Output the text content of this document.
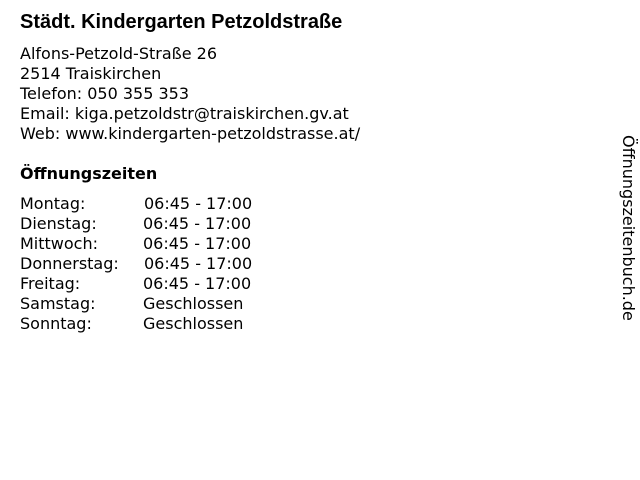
Städt. Kindergarten Petzoldstraße
Alfons-Petzold-Straße 26
2514 Traiskirchen
Telefon: 050 355 353
Email: kiga.petzoldstr@traiskirchen.gv.at
Web: www.kindergarten-petzoldstrasse.at/
Öffnungszeiten
Montag:	06:45 - 17:00
Dienstag:	06:45 - 17:00
Mittwoch:	06:45 - 17:00
Donnerstag: 06:45 - 17:00
Freitag:	06:45 - 17:00
Samstag:	Geschlossen
Sonntag:	Geschlossen
Öffnungszeitenbuch.de
